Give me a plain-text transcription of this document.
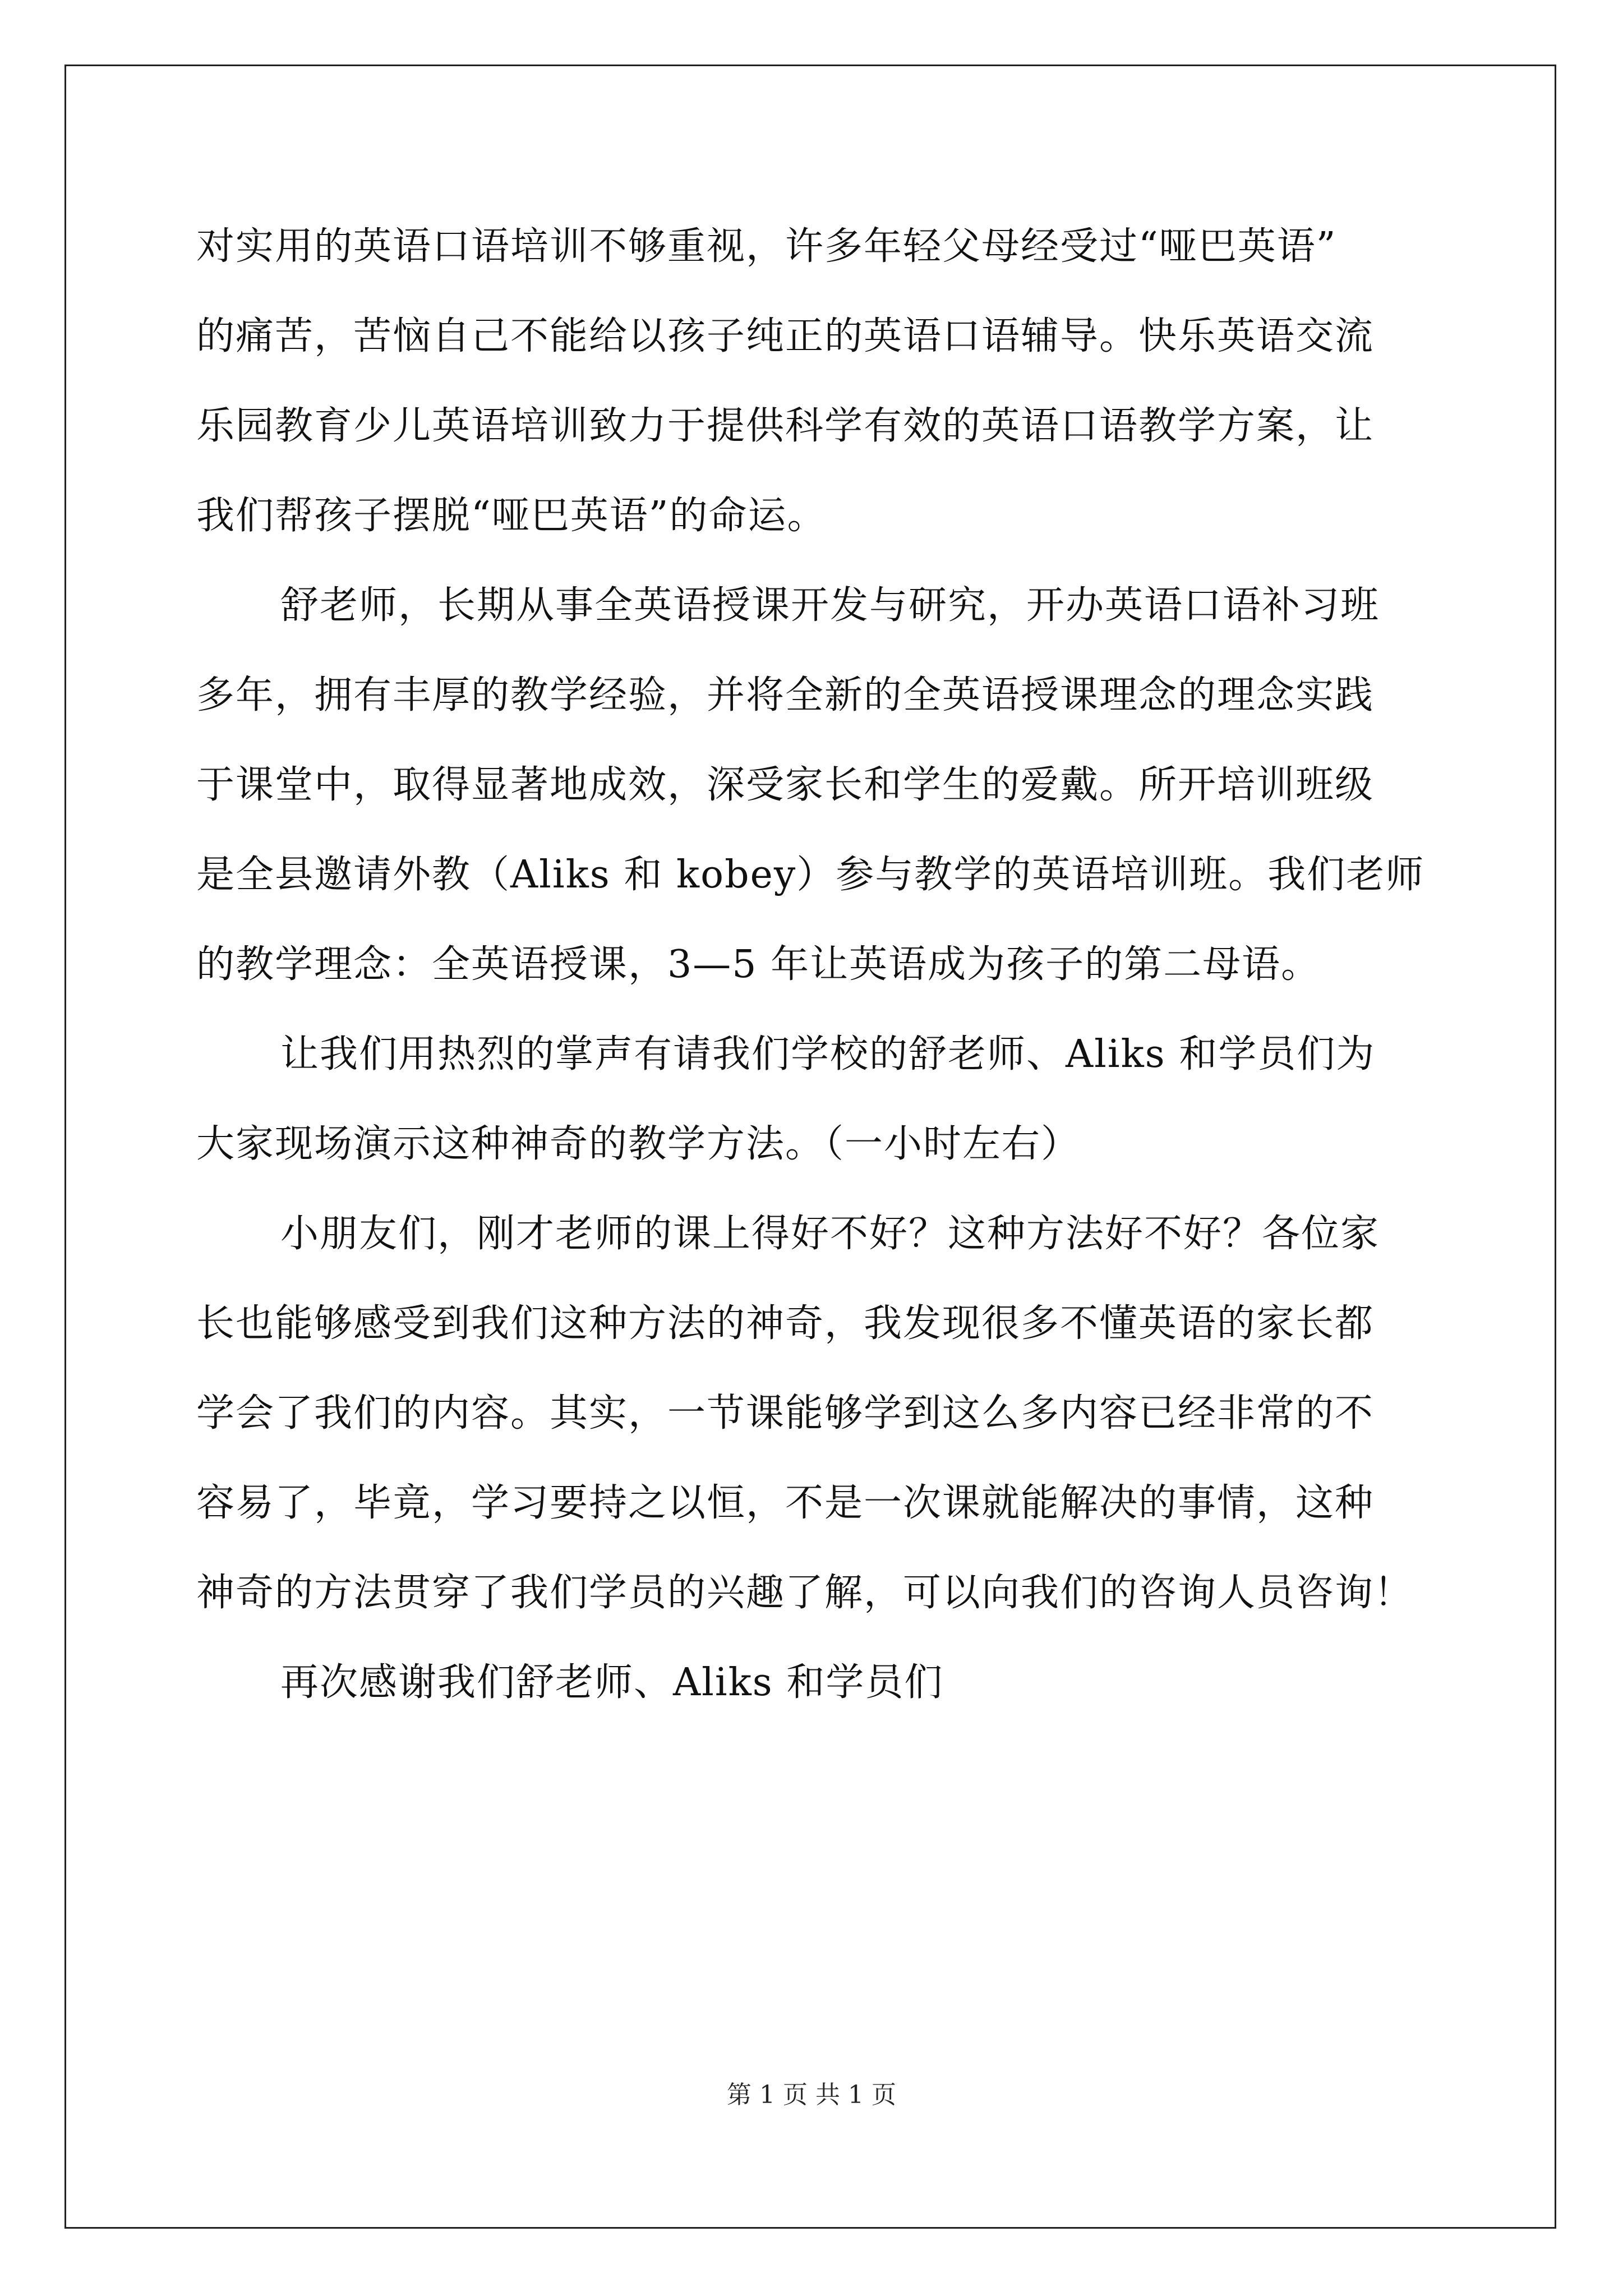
对实用的英语口语培训不够重视，许多年轻父母经受过“哑巴英语”
的痛苦，苦恼自己不能给以孩子纯正的英语口语辅导。快乐英语交流
乐园教育少儿英语培训致力于提供科学有效的英语口语教学方案，让
我们帮孩子摆脱“哑巴英语”的命运。
舒老师，长期从事全英语授课开发与研究，开办英语口语补习班
多年，拥有丰厚的教学经验，并将全新的全英语授课理念的理念实践
于课堂中，取得显著地成效，深受家长和学生的爱戴。所开培训班级
是全县邀请外教（Aliks 和 kobey）参与教学的英语培训班。我们老师
的教学理念：全英语授课，3—5 年让英语成为孩子的第二母语。
让我们用热烈的掌声有请我们学校的舒老师、Aliks 和学员们为
大家现场演示这种神奇的教学方法。（一小时左右）
小朋友们，刚才老师的课上得好不好？这种方法好不好？各位家
长也能够感受到我们这种方法的神奇，我发现很多不懂英语的家长都
学会了我们的内容。其实，一节课能够学到这么多内容已经非常的不
容易了，毕竟，学习要持之以恒，不是一次课就能解决的事情，这种
神奇的方法贯穿了我们学员的兴趣了解，可以向我们的咨询人员咨询！
再次感谢我们舒老师、Aliks 和学员们
第 1 页 共 1 页
